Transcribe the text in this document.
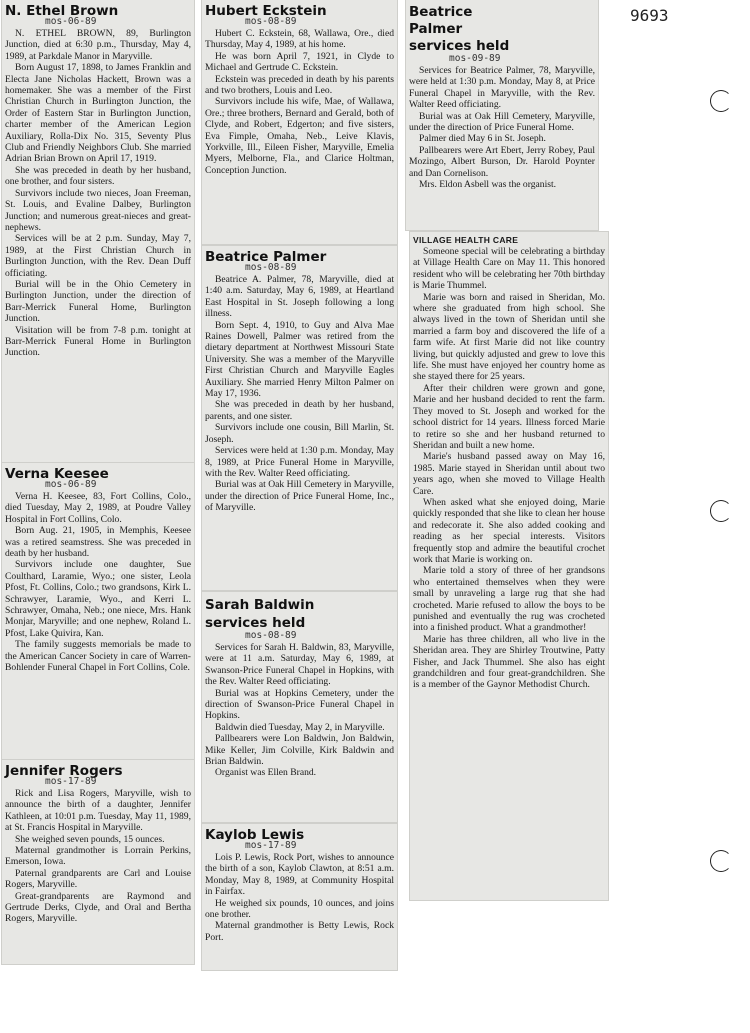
9693
N. Ethel Brown
mos-06-89

N. ETHEL BROWN, 89, Burlington Junction, died at 6:30 p.m., Thursday, May 4, 1989, at Parkdale Manor in Maryville.

Born August 17, 1898, to James Franklin and Electa Jane Nicholas Hackett, Brown was a homemaker. She was a member of the First Christian Church in Burlington Junction, the Order of Eastern Star in Burlington Junction, charter member of the American Legion Auxiliary, Rolla-Dix No. 315, Seventy Plus Club and Friendly Neighbors Club. She married Adrian Brian Brown on April 17, 1919.

She was preceded in death by her husband, one brother, and four sisters.

Survivors include two nieces, Joan Freeman, St. Louis, and Evaline Dalbey, Burlington Junction; and numerous great-nieces and great-nephews.

Services will be at 2 p.m. Sunday, May 7, 1989, at the First Christian Church in Burlington Junction, with the Rev. Dean Duff officiating.

Burial will be in the Ohio Cemetery in Burlington Junction, under the direction of Barr-Merrick Funeral Home, Burlington Junction.

Visitation will be from 7-8 p.m. tonight at Barr-Merrick Funeral Home in Burlington Junction.

Verna Keesee
mos-06-89

Verna H. Keesee, 83, Fort Collins, Colo., died Tuesday, May 2, 1989, at Poudre Valley Hospital in Fort Collins, Colo.

Born Aug. 21, 1905, in Memphis, Keesee was a retired seamstress. She was preceded in death by her husband.

Survivors include one daughter, Sue Coulthard, Laramie, Wyo.; one sister, Leola Pfost, Ft. Collins, Colo.; two grandsons, Kirk L. Schrawyer, Laramie, Wyo., and Kerri L. Schrawyer, Omaha, Neb.; one niece, Mrs. Hank Monjar, Maryville; and one nephew, Roland L. Pfost, Lake Quivira, Kan.

The family suggests memorials be made to the American Cancer Society in care of Warren-Bohlender Funeral Chapel in Fort Collins, Cole.

Jennifer Rogers
mos-17-89

Rick and Lisa Rogers, Maryville, wish to announce the birth of a daughter, Jennifer Kathleen, at 10:01 p.m. Tuesday, May 11, 1989, at St. Francis Hospital in Maryville.

She weighed seven pounds, 15 ounces.

Maternal grandmother is Lorrain Perkins, Emerson, Iowa.

Paternal grandparents are Carl and Louise Rogers, Maryville.

Great-grandparents are Raymond and Gertrude Derks, Clyde, and Oral and Bertha Rogers, Maryville.

Hubert Eckstein
mos-08-89

Hubert C. Eckstein, 68, Wallawa, Ore., died Thursday, May 4, 1989, at his home.

He was born April 7, 1921, in Clyde to Michael and Gertrude C. Eckstein.

Eckstein was preceded in death by his parents and two brothers, Louis and Leo.

Survivors include his wife, Mae, of Wallawa, Ore.; three brothers, Bernard and Gerald, both of Clyde, and Robert, Edgerton; and five sisters, Eva Fimple, Omaha, Neb., Leive Klavis, Yorkville, Ill., Eileen Fisher, Maryville, Emelia Myers, Melborne, Fla., and Clarice Holtman, Conception Junction.

Beatrice Palmer
mos-08-89

Beatrice A. Palmer, 78, Maryville, died at 1:40 a.m. Saturday, May 6, 1989, at Heartland East Hospital in St. Joseph following a long illness.

Born Sept. 4, 1910, to Guy and Alva Mae Raines Dowell, Palmer was retired from the dietary department at Northwest Missouri State University. She was a member of the Maryville First Christian Church and Maryville Eagles Auxiliary. She married Henry Milton Palmer on May 17, 1936.

She was preceded in death by her husband, parents, and one sister.

Survivors include one cousin, Bill Marlin, St. Joseph.

Services were held at 1:30 p.m. Monday, May 8, 1989, at Price Funeral Home in Maryville, with the Rev. Walter Reed officiating.

Burial was at Oak Hill Cemetery in Maryville, under the direction of Price Funeral Home, Inc., of Maryville.

Sarah Baldwin services held
mos-08-89

Services for Sarah H. Baldwin, 83, Maryville, were at 11 a.m. Saturday, May 6, 1989, at Swanson-Price Funeral Chapel in Hopkins, with the Rev. Walter Reed officiating.

Burial was at Hopkins Cemetery, under the direction of Swanson-Price Funeral Chapel in Hopkins.

Baldwin died Tuesday, May 2, in Maryville.

Pallbearers were Lon Baldwin, Jon Baldwin, Mike Keller, Jim Colville, Kirk Baldwin and Brian Baldwin.

Organist was Ellen Brand.

Kaylob Lewis
mos-17-89

Lois P. Lewis, Rock Port, wishes to announce the birth of a son, Kaylob Clawton, at 8:51 a.m. Monday, May 8, 1989, at Community Hospital in Fairfax.

He weighed six pounds, 10 ounces, and joins one brother.

Maternal grandmother is Betty Lewis, Rock Port.

Beatrice Palmer services held
mos-09-89

Services for Beatrice Palmer, 78, Maryville, were held at 1:30 p.m. Monday, May 8, at Price Funeral Chapel in Maryville, with the Rev. Walter Reed officiating.

Burial was at Oak Hill Cemetery, Maryville, under the direction of Price Funeral Home.

Palmer died May 6 in St. Joseph.

Pallbearers were Art Ebert, Jerry Robey, Paul Mozingo, Albert Burson, Dr. Harold Poynter and Dan Cornelison.

Mrs. Eldon Asbell was the organist.

VILLAGE HEALTH CARE

Someone special will be celebrating a birthday at Village Health Care on May 11. This honored resident who will be celebrating her 70th birthday is Marie Thummel.

Marie was born and raised in Sheridan, Mo. where she graduated from high school. She always lived in the town of Sheridan until she married a farm boy and discovered the life of a farm wife. At first Marie did not like country living, but quickly adjusted and grew to love this life. She must have enjoyed her country home as she stayed there for 25 years.

After their children were grown and gone, Marie and her husband decided to rent the farm. They moved to St. Joseph and worked for the school district for 14 years. Illness forced Marie to retire so she and her husband returned to Sheridan and built a new home.

Marie's husband passed away on May 16, 1985. Marie stayed in Sheridan until about two years ago, when she moved to Village Health Care.

When asked what she enjoyed doing, Marie quickly responded that she like to clean her house and redecorate it. She also added cooking and reading as her special interests. Visitors frequently stop and admire the beautiful crochet work that Marie is working on.

Marie told a story of three of her grandsons who entertained themselves when they were small by unraveling a large rug that she had crocheted. Marie refused to allow the boys to be punished and eventually the rug was crocheted into a finished product. What a grandmother!

Marie has three children, all who live in the Sheridan area. They are Shirley Troutwine, Patty Fisher, and Jack Thummel. She also has eight grandchildren and four great-grandchildren. She is a member of the Gaynor Methodist Church.
